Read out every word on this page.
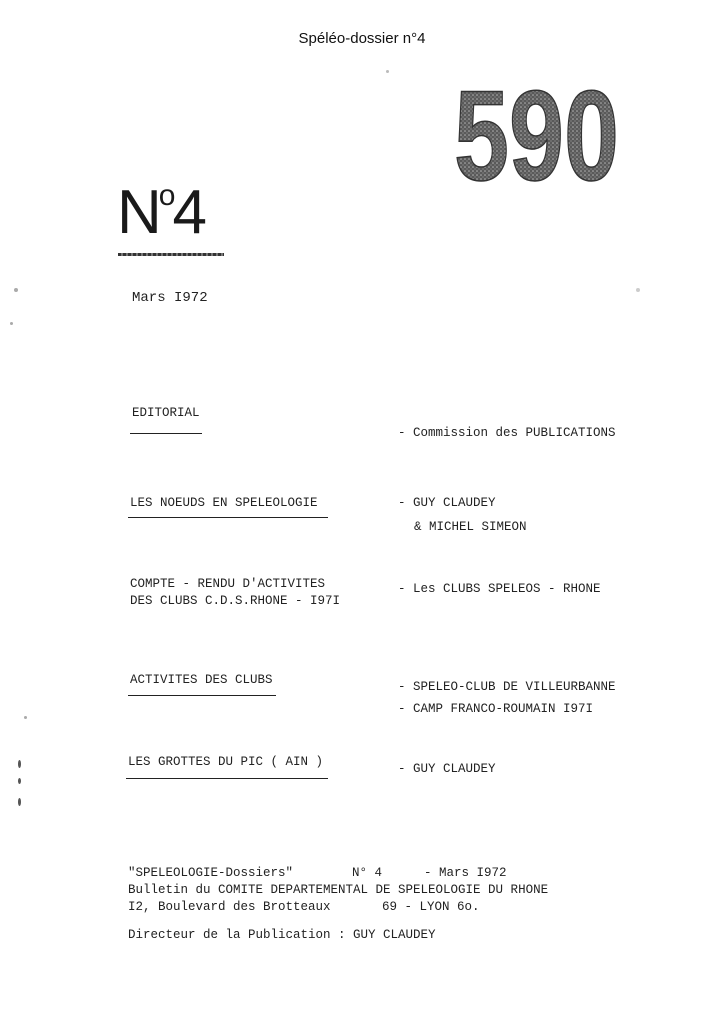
Spéléo-dossier n°4
590
$N^o4$
Mars I972
EDITORIAL
- Commission des PUBLICATIONS
LES NOEUDS EN SPELEOLOGIE	- GUY CLAUDEY
& MICHEL SIMEON
COMPTE - RENDU D'ACTIVITES
DES CLUBS C.D.S.RHONE - I97I
- Les CLUBS SPELEOS - RHONE
ACTIVITES DES CLUBS	- SPELEO-CLUB DE VILLEURBANNE
- CAMP FRANCO-ROUMAIN I97I
LES GROTTES DU PIC ( AIN )	- GUY CLAUDEY
"SPELEOLOGIE-Dossiers"	N° 4	- Mars I972
Bulletin du COMITE DEPARTEMENTAL DE SPELEOLOGIE DU RHONE
I2, Boulevard des Brotteaux	69 - LYON 6o.
Directeur de la Publication : GUY CLAUDEY
